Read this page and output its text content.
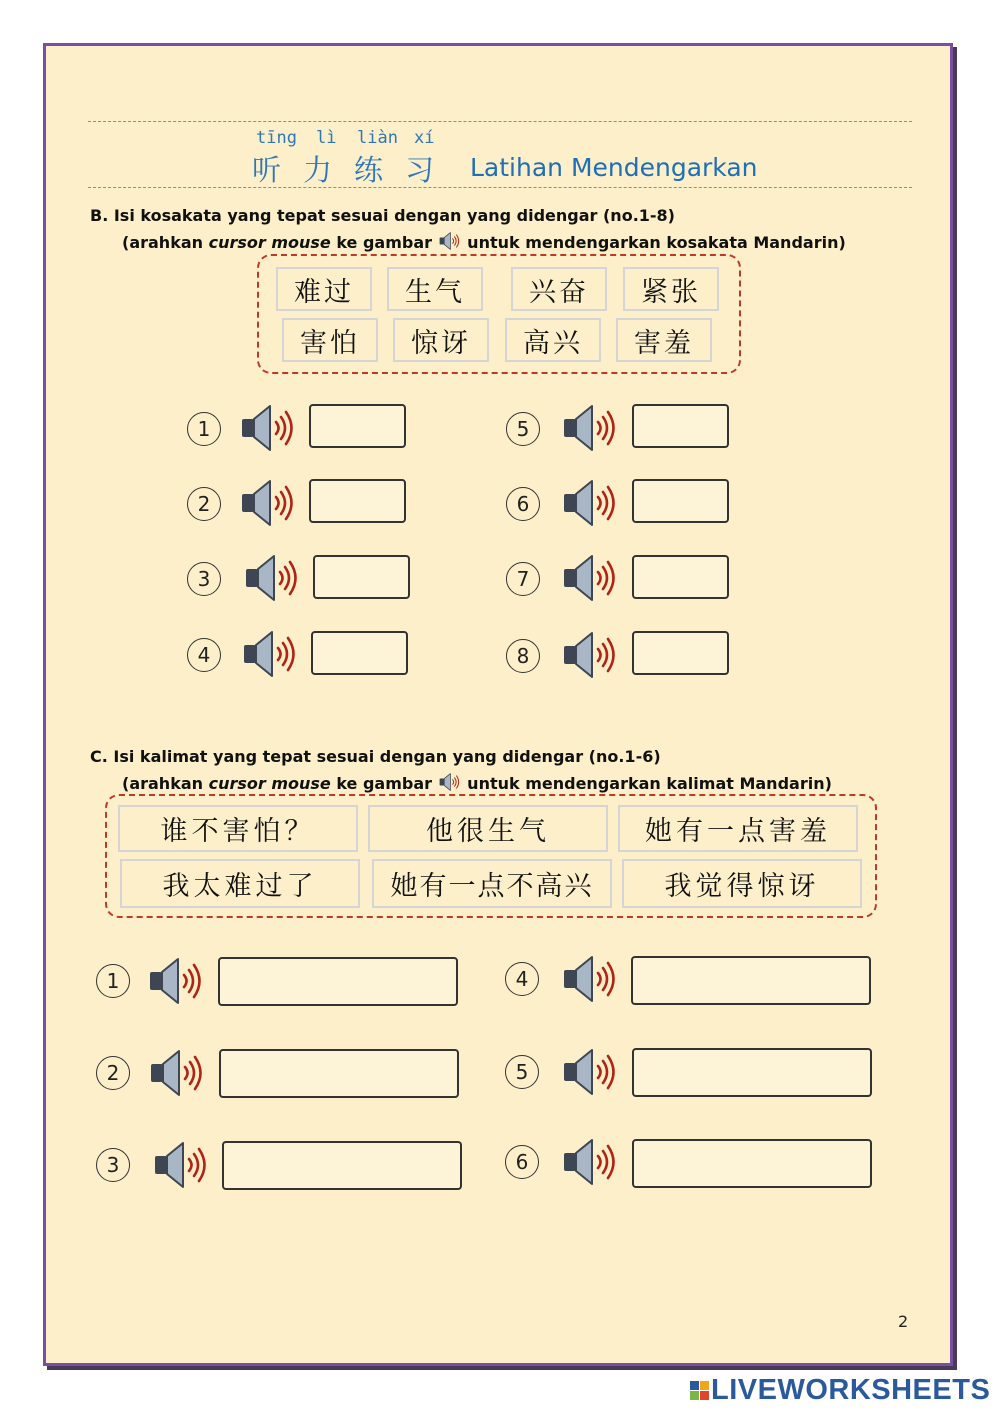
tīng lì liàn xí
听 力 练 习 Latihan Mendengarkan
B. Isi kosakata yang tepat sesuai dengan yang didengar (no.1-8)
(arahkan cursor mouse ke gambar  untuk mendengarkan kosakata Mandarin)
难过	生气	兴奋	紧张
害怕	惊讶	高兴	害羞
1
2
3
4
5
6
7
8
C. Isi kalimat yang tepat sesuai dengan yang didengar (no.1-6)
(arahkan cursor mouse ke gambar  untuk mendengarkan kalimat Mandarin)
谁不害怕？	他很生气	她有一点害羞
我太难过了	她有一点不高兴	我觉得惊讶
1
2
3
4
5
6
2
LIVEWORKSHEETS
